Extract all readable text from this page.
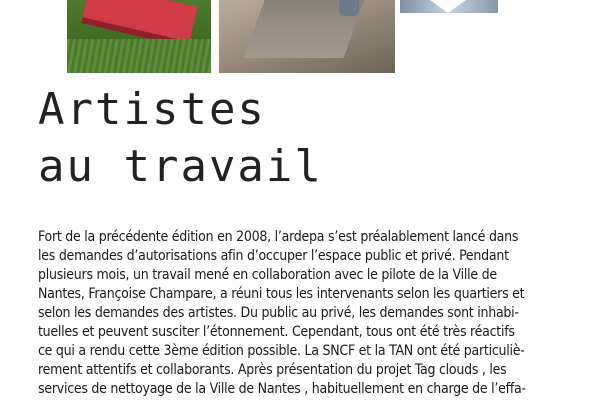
Artistes
au travail

Fort de la précédente édition en 2008, l’ardepa s’est préalablement lancé dans
les demandes d’autorisations afin d’occuper l’espace public et privé. Pendant
plusieurs mois, un travail mené en collaboration avec le pilote de la Ville de
Nantes, Françoise Champare, a réuni tous les intervenants selon les quartiers et
selon les demandes des artistes. Du public au privé, les demandes sont inhabi-
tuelles et peuvent susciter l’étonnement. Cependant, tous ont été très réactifs
ce qui a rendu cette 3ème édition possible. La SNCF et la TAN ont été particuliè-
rement attentifs et collaborants. Après présentation du projet Tag clouds , les
services de nettoyage de la Ville de Nantes , habituellement en charge de l’effa-
